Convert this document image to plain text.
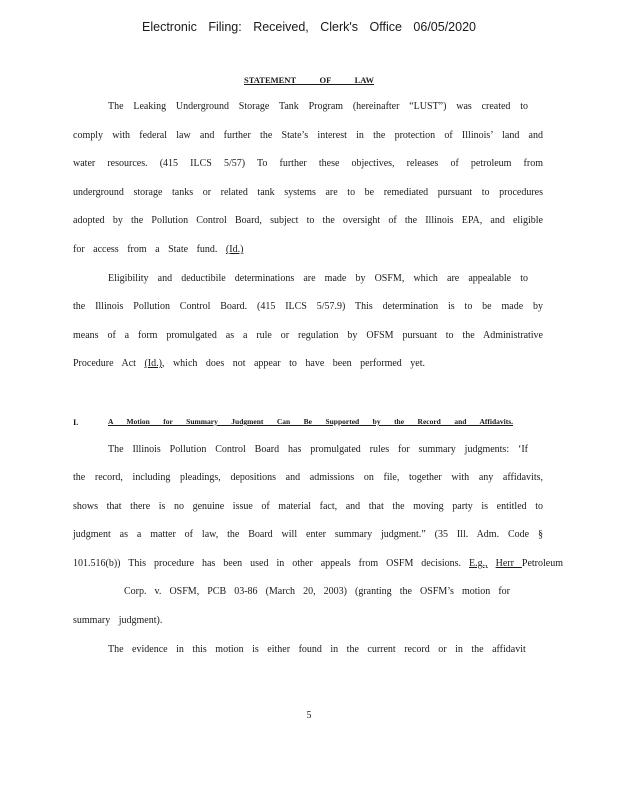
Electronic Filing: Received, Clerk's Office 06/05/2020
STATEMENT OF LAW
The Leaking Underground Storage Tank Program (hereinafter “LUST”) was created to
comply with federal law and further the State’s interest in the protection of Illinois’ land and
water resources. (415 ILCS 5/57) To further these objectives, releases of petroleum from
underground storage tanks or related tank systems are to be remediated pursuant to procedures
adopted by the Pollution Control Board, subject to the oversight of the Illinois EPA, and eligible
for access from a State fund. (Id.)
Eligibility and deductibile determinations are made by OSFM, which are appealable to
the Illinois Pollution Control Board. (415 ILCS 5/57.9) This determination is to be made by
means of a form promulgated as a rule or regulation by OFSM pursuant to the Administrative
Procedure Act (Id.), which does not appear to have been performed yet.
I.	A Motion for Summary Judgment Can Be Supported by the Record and Affidavits.
The Illinois Pollution Control Board has promulgated rules for summary judgments: ‘If
the record, including pleadings, depositions and admissions on file, together with any affidavits,
shows that there is no genuine issue of material fact, and that the moving party is entitled to
judgment as a matter of law, the Board will enter summary judgment.” (35 Ill. Adm. Code §
101.516(b)) This procedure has been used in other appeals from OSFM decisions. E.g., Herr Petroleum
Corp. v. OSFM, PCB 03-86 (March 20, 2003) (granting the OSFM’s motion for
summary judgment).
The evidence in this motion is either found in the current record or in the affidavit
5
